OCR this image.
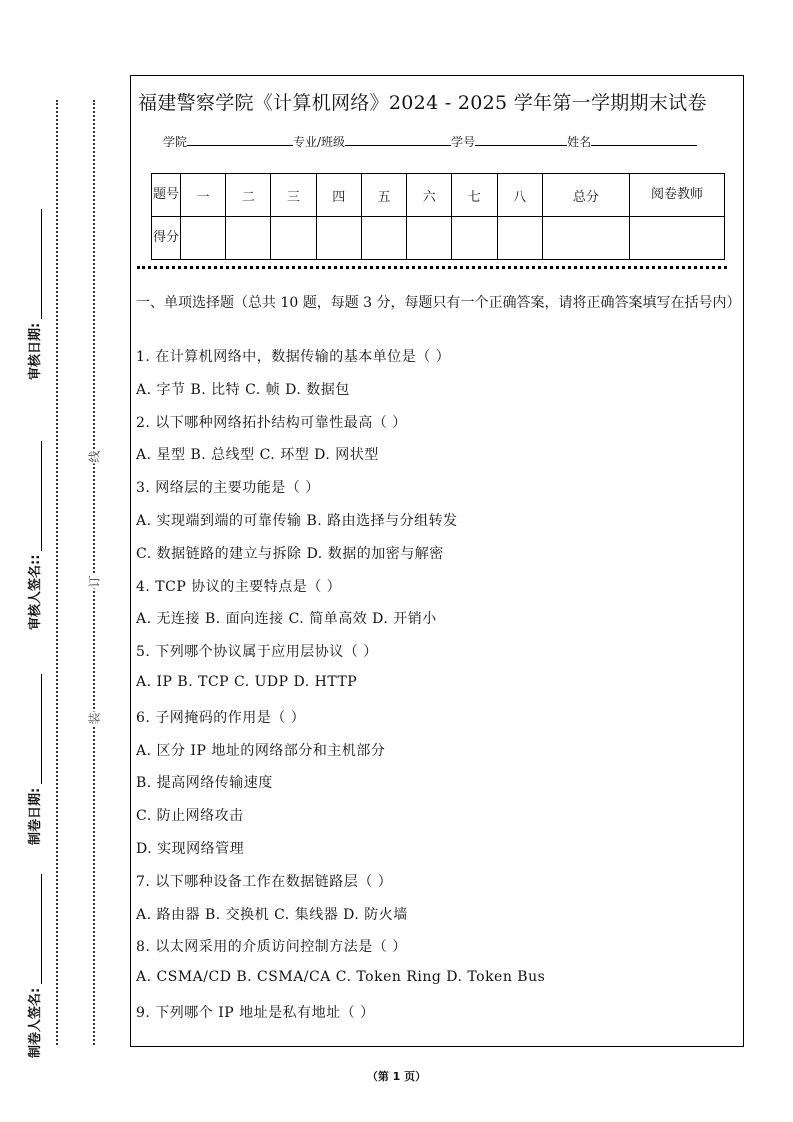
审核日期:
审核人签名::
制卷日期:
制卷人签名:
线
订
装
福建警察学院《计算机网络》2024 - 2025 学年第一学期期末试卷
学院	专业/班级	学号	姓名
题号	一	二	三	四	五	六	七	八	总分	阅卷教师
得分										
一、单项选择题（总共 10 题，每题 3 分，每题只有一个正确答案，请将正确答案填写在括号内）
1. 在计算机网络中，数据传输的基本单位是（ ）
A. 字节 B. 比特 C. 帧 D. 数据包
2. 以下哪种网络拓扑结构可靠性最高（ ）
A. 星型 B. 总线型 C. 环型 D. 网状型
3. 网络层的主要功能是（ ）
A. 实现端到端的可靠传输 B. 路由选择与分组转发
C. 数据链路的建立与拆除 D. 数据的加密与解密
4. TCP 协议的主要特点是（ ）
A. 无连接 B. 面向连接 C. 简单高效 D. 开销小
5. 下列哪个协议属于应用层协议（ ）
A. IP B. TCP C. UDP D. HTTP
6. 子网掩码的作用是（ ）
A. 区分 IP 地址的网络部分和主机部分
B. 提高网络传输速度
C. 防止网络攻击
D. 实现网络管理
7. 以下哪种设备工作在数据链路层（ ）
A. 路由器 B. 交换机 C. 集线器 D. 防火墙
8. 以太网采用的介质访问控制方法是（ ）
A. CSMA/CD B. CSMA/CA C. Token Ring D. Token Bus
9. 下列哪个 IP 地址是私有地址（ ）
（第 1 页）
